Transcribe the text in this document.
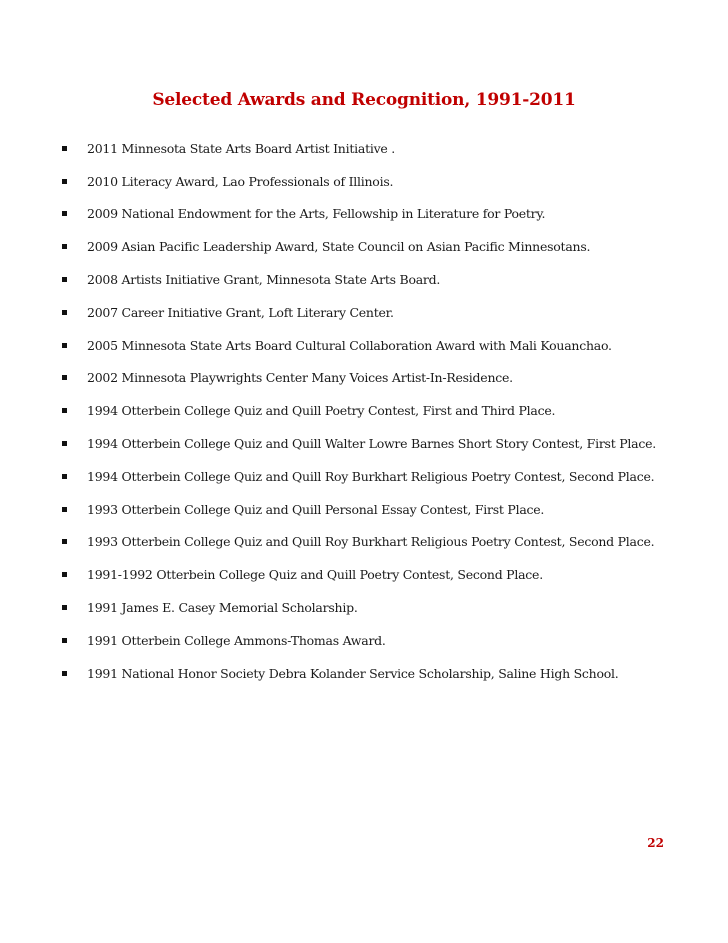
Selected Awards and Recognition, 1991-2011
2011 Minnesota State Arts Board Artist Initiative .
2010 Literacy Award, Lao Professionals of Illinois.
2009 National Endowment for the Arts, Fellowship in Literature for Poetry.
2009 Asian Pacific Leadership Award, State Council on Asian Pacific Minnesotans.
2008 Artists Initiative Grant, Minnesota State Arts Board.
2007 Career Initiative Grant, Loft Literary Center.
2005 Minnesota State Arts Board Cultural Collaboration Award with Mali Kouanchao.
2002 Minnesota Playwrights Center Many Voices Artist-In-Residence.
1994 Otterbein College Quiz and Quill Poetry Contest, First and Third Place.
1994 Otterbein College Quiz and Quill Walter Lowre Barnes Short Story Contest, First Place.
1994 Otterbein College Quiz and Quill Roy Burkhart Religious Poetry Contest, Second Place.
1993 Otterbein College Quiz and Quill Personal Essay Contest, First Place.
1993 Otterbein College Quiz and Quill Roy Burkhart Religious Poetry Contest, Second Place.
1991-1992 Otterbein College Quiz and Quill Poetry Contest, Second Place.
1991 James E. Casey Memorial Scholarship.
1991 Otterbein College Ammons-Thomas Award.
1991 National Honor Society Debra Kolander Service Scholarship, Saline High School.
22
